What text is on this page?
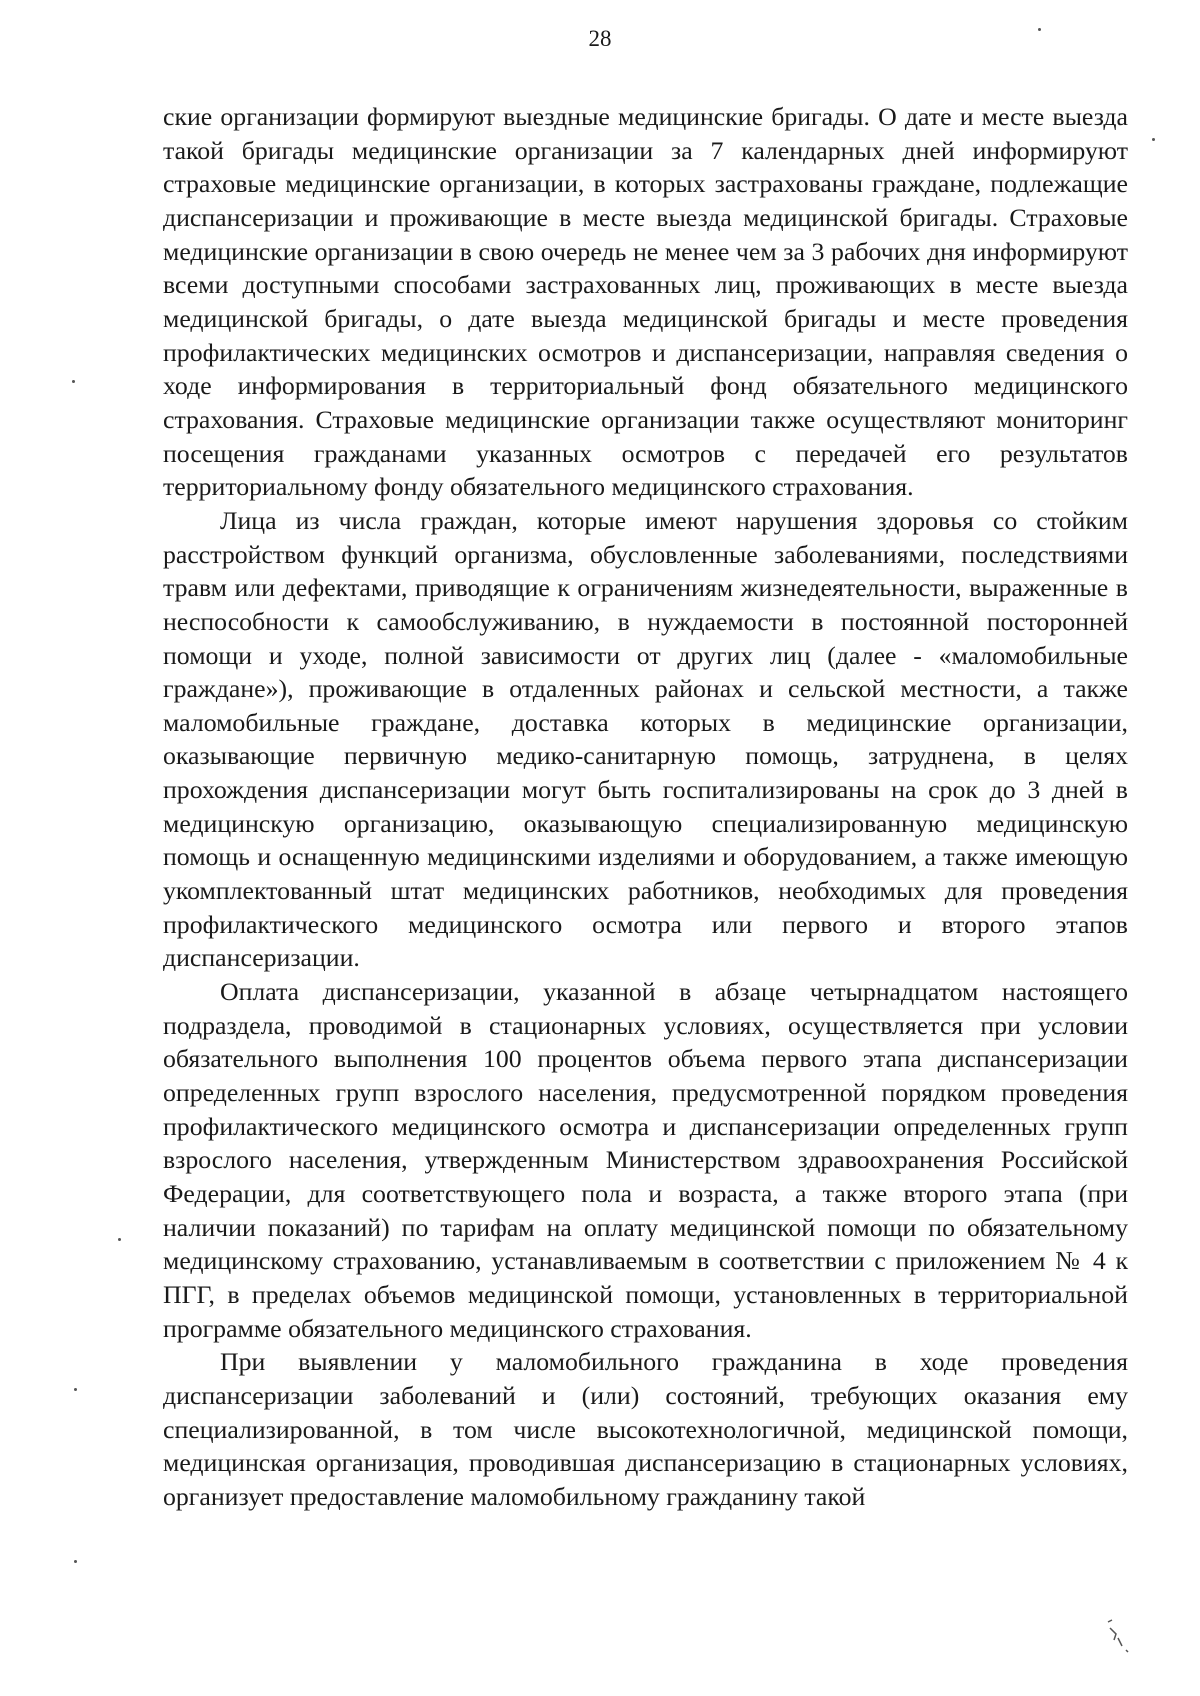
28

ские организации формируют выездные медицинские бригады. О дате и месте выезда такой бригады медицинские организации за 7 календарных дней информируют страховые медицинские организации, в которых застрахованы граждане, подлежащие диспансеризации и проживающие в месте выезда медицинской бригады. Страховые медицинские организации в свою очередь не менее чем за 3 рабочих дня информируют всеми доступными способами застрахованных лиц, проживающих в месте выезда медицинской бригады, о дате выезда медицинской бригады и месте проведения профилактических медицинских осмотров и диспансеризации, направляя сведения о ходе информирования в территориальный фонд обязательного медицинского страхования. Страховые медицинские организации также осуществляют мониторинг посещения гражданами указанных осмотров с передачей его результатов территориальному фонду обязательного медицинского страхования.

Лица из числа граждан, которые имеют нарушения здоровья со стойким расстройством функций организма, обусловленные заболеваниями, последствиями травм или дефектами, приводящие к ограничениям жизнедеятельности, выраженные в неспособности к самообслуживанию, в нуждаемости в постоянной посторонней помощи и уходе, полной зависимости от других лиц (далее - «маломобильные граждане»), проживающие в отдаленных районах и сельской местности, а также маломобильные граждане, доставка которых в медицинские организации, оказывающие первичную медико-санитарную помощь, затруднена, в целях прохождения диспансеризации могут быть госпитализированы на срок до 3 дней в медицинскую организацию, оказывающую специализированную медицинскую помощь и оснащенную медицинскими изделиями и оборудованием, а также имеющую укомплектованный штат медицинских работников, необходимых для проведения профилактического медицинского осмотра или первого и второго этапов диспансеризации.

Оплата диспансеризации, указанной в абзаце четырнадцатом настоящего подраздела, проводимой в стационарных условиях, осуществляется при условии обязательного выполнения 100 процентов объема первого этапа диспансеризации определенных групп взрослого населения, предусмотренной порядком проведения профилактического медицинского осмотра и диспансеризации определенных групп взрослого населения, утвержденным Министерством здравоохранения Российской Федерации, для соответствующего пола и возраста, а также второго этапа (при наличии показаний) по тарифам на оплату медицинской помощи по обязательному медицинскому страхованию, устанавливаемым в соответствии с приложением № 4 к ПГГ, в пределах объемов медицинской помощи, установленных в территориальной программе обязательного медицинского страхования.

При выявлении у маломобильного гражданина в ходе проведения диспансеризации заболеваний и (или) состояний, требующих оказания ему специализированной, в том числе высокотехнологичной, медицинской помощи, медицинская организация, проводившая диспансеризацию в стационарных условиях, организует предоставление маломобильному гражданину такой
